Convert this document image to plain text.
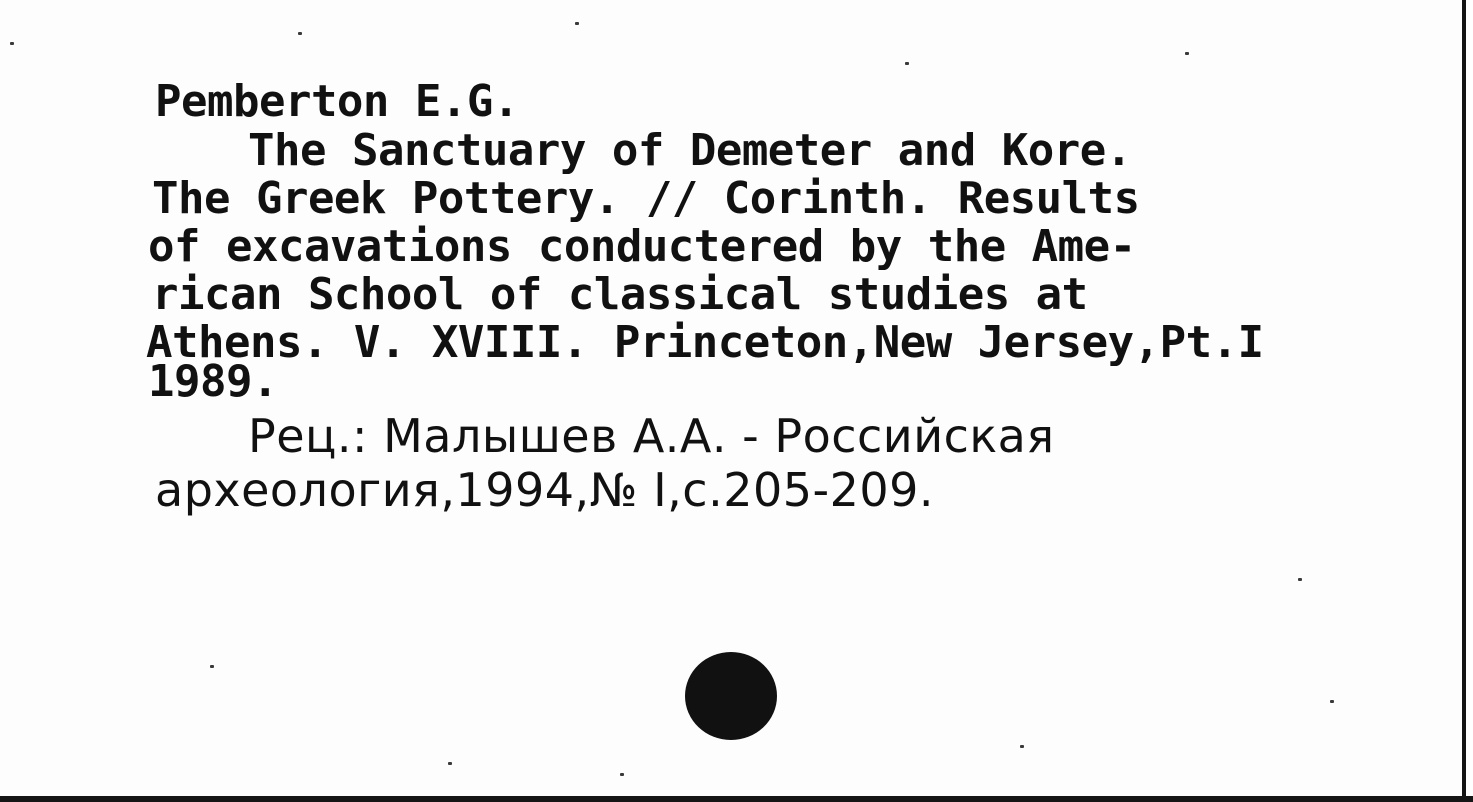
Pemberton E.G.
The Sanctuary of Demeter and Kore.
The Greek Pottery. // Corinth. Results
of excavations conductered by the Ame-
rican School of classical studies at
Athens. V. XVIII. Princeton,New Jersey,Pt.I
1989.
Рец.: Малышев А.А. - Российская
археология,1994,№ I,c.205-209.
